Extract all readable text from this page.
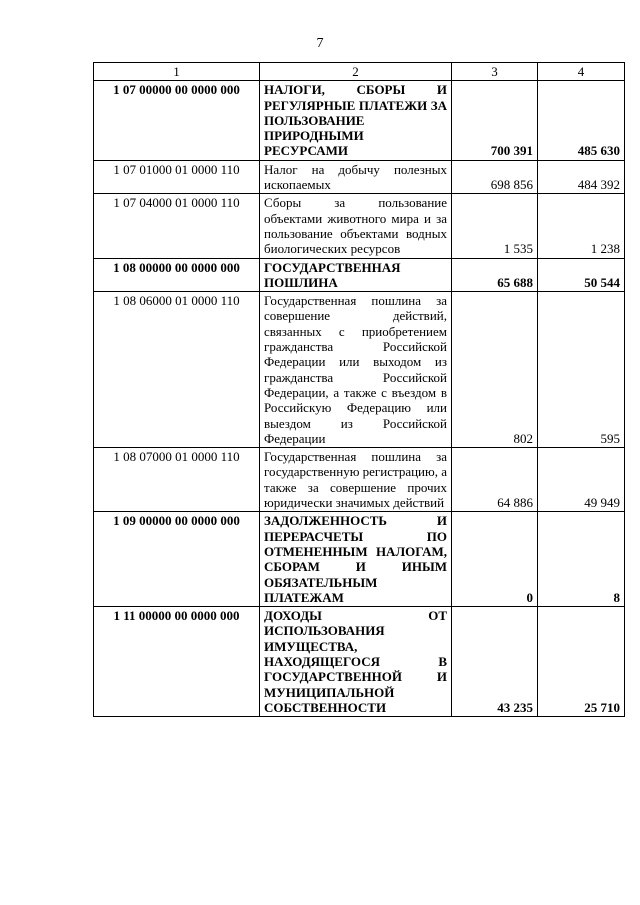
7
1	2	3	4
1 07 00000 00 0000 000	НАЛОГИ, СБОРЫ И РЕГУЛЯРНЫЕ ПЛАТЕЖИ ЗА ПОЛЬЗОВАНИЕ ПРИРОДНЫМИ РЕСУРСАМИ	700 391	485 630
1 07 01000 01 0000 110	Налог на добычу полезных ископаемых	698 856	484 392
1 07 04000 01 0000 110	Сборы за пользование объектами животного мира и за пользование объектами водных биологических ресурсов	1 535	1 238
1 08 00000 00 0000 000	ГОСУДАРСТВЕННАЯ ПОШЛИНА	65 688	50 544
1 08 06000 01 0000 110	Государственная пошлина за совершение действий, связанных с приобретением гражданства Российской Федерации или выходом из гражданства Российской Федерации, а также с въездом в Российскую Федерацию или выездом из Российской Федерации	802	595
1 08 07000 01 0000 110	Государственная пошлина за государственную регистрацию, а также за совершение прочих юридически значимых действий	64 886	49 949
1 09 00000 00 0000 000	ЗАДОЛЖЕННОСТЬ И ПЕРЕРАСЧЕТЫ ПО ОТМЕНЕННЫМ НАЛОГАМ, СБОРАМ И ИНЫМ ОБЯЗАТЕЛЬНЫМ ПЛАТЕЖАМ	0	8
1 11 00000 00 0000 000	ДОХОДЫ ОТ ИСПОЛЬЗОВАНИЯ ИМУЩЕСТВА, НАХОДЯЩЕГОСЯ В ГОСУДАРСТВЕННОЙ И МУНИЦИПАЛЬНОЙ СОБСТВЕННОСТИ	43 235	25 710
